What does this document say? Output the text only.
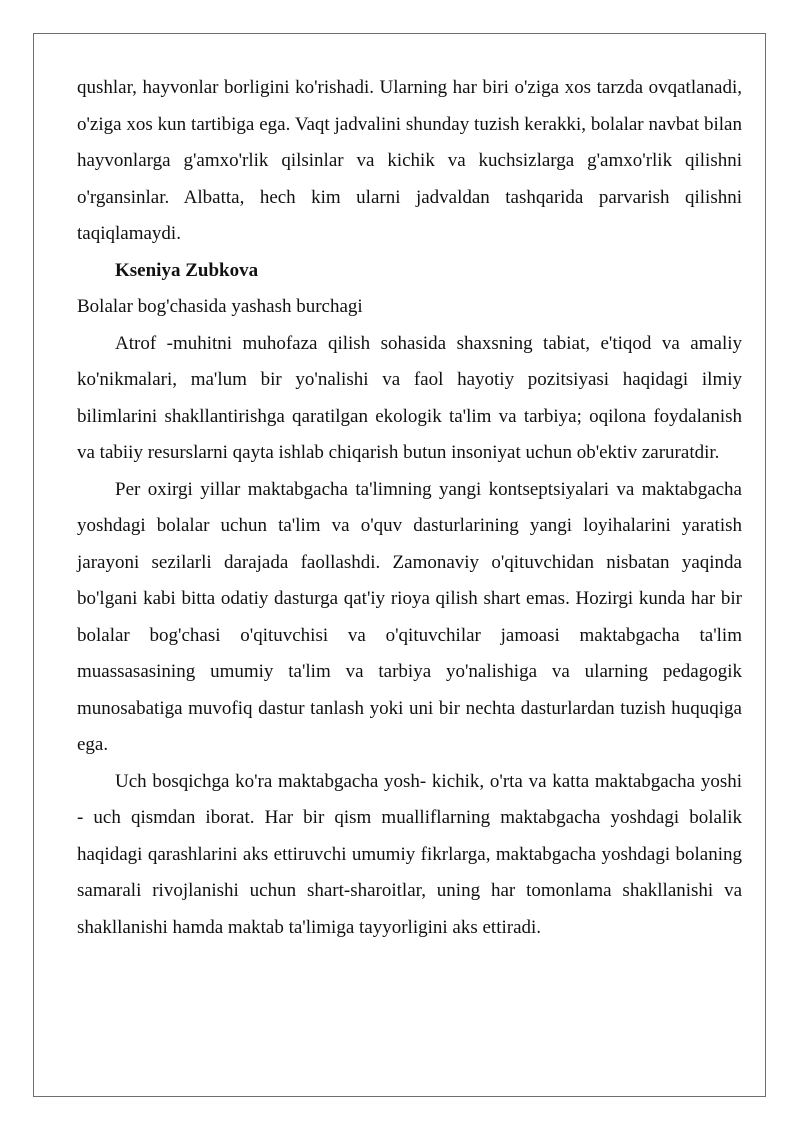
qushlar, hayvonlar borligini ko'rishadi. Ularning har biri o'ziga xos tarzda ovqatlanadi, o'ziga xos kun tartibiga ega. Vaqt jadvalini shunday tuzish kerakki, bolalar navbat bilan hayvonlarga g'amxo'rlik qilsinlar va kichik va kuchsizlarga g'amxo'rlik qilishni o'rgansinlar. Albatta, hech kim ularni jadvaldan tashqarida parvarish qilishni taqiqlamaydi.

Kseniya Zubkova

Bolalar bog'chasida yashash burchagi

Atrof -muhitni muhofaza qilish sohasida shaxsning tabiat, e'tiqod va amaliy ko'nikmalari, ma'lum bir yo'nalishi va faol hayotiy pozitsiyasi haqidagi ilmiy bilimlarini shakllantirishga qaratilgan ekologik ta'lim va tarbiya; oqilona foydalanish va tabiiy resurslarni qayta ishlab chiqarish butun insoniyat uchun ob'ektiv zaruratdir.

Per oxirgi yillar maktabgacha ta'limning yangi kontseptsiyalari va maktabgacha yoshdagi bolalar uchun ta'lim va o'quv dasturlarining yangi loyihalarini yaratish jarayoni sezilarli darajada faollashdi. Zamonaviy o'qituvchidan nisbatan yaqinda bo'lgani kabi bitta odatiy dasturga qat'iy rioya qilish shart emas. Hozirgi kunda har bir bolalar bog'chasi o'qituvchisi va o'qituvchilar jamoasi maktabgacha ta'lim muassasasining umumiy ta'lim va tarbiya yo'nalishiga va ularning pedagogik munosabatiga muvofiq dastur tanlash yoki uni bir nechta dasturlardan tuzish huquqiga ega.

Uch bosqichga ko'ra maktabgacha yosh- kichik, o'rta va katta maktabgacha yoshi - uch qismdan iborat. Har bir qism mualliflarning maktabgacha yoshdagi bolalik haqidagi qarashlarini aks ettiruvchi umumiy fikrlarga, maktabgacha yoshdagi bolaning samarali rivojlanishi uchun shart-sharoitlar, uning har tomonlama shakllanishi va shakllanishi hamda maktab ta'limiga tayyorligini aks ettiradi.
